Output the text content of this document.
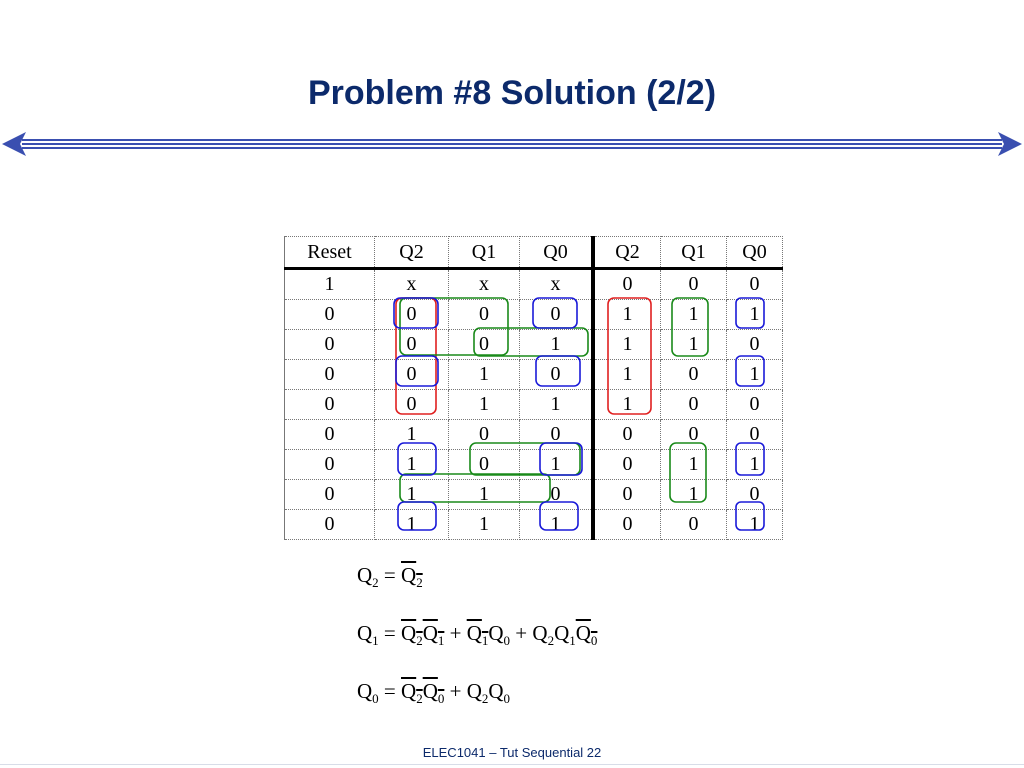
Problem #8 Solution (2/2)
Reset	Q2	Q1	Q0	Q2	Q1	Q0
1	x	x	x	0	0	0
0	0	0	0	1	1	1
0	0	0	1	1	1	0
0	0	1	0	1	0	1
0	0	1	1	1	0	0
0	1	0	0	0	0	0
0	1	0	1	0	1	1
0	1	1	0	0	1	0
0	1	1	1	0	0	1
$Q_2 = Q_2$
$Q_1 = Q_2Q_1 + Q_1Q_0 + Q_2Q_1Q_0$
$Q_0 = Q_2Q_0 + Q_2Q_0$
ELEC1041 – Tut Sequential 22
